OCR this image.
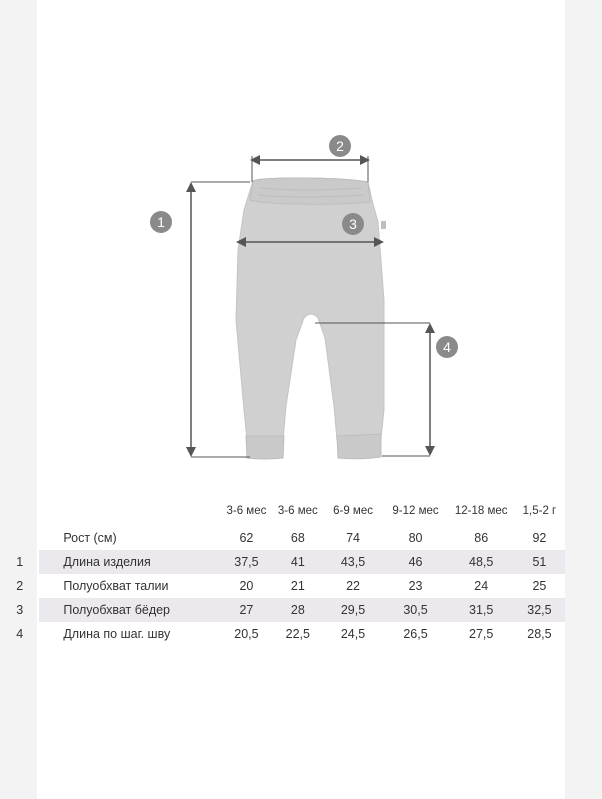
1
2
3
4
		3-6 мес	3-6 мес	6-9 мес	9-12 мес	12-18 мес	1,5-2 г
	Рост (см)	62	68	74	80	86	92
1	Длина изделия	37,5	41	43,5	46	48,5	51
2	Полуобхват талии	20	21	22	23	24	25
3	Полуобхват бёдер	27	28	29,5	30,5	31,5	32,5
4	Длина по шаг. шву	20,5	22,5	24,5	26,5	27,5	28,5
